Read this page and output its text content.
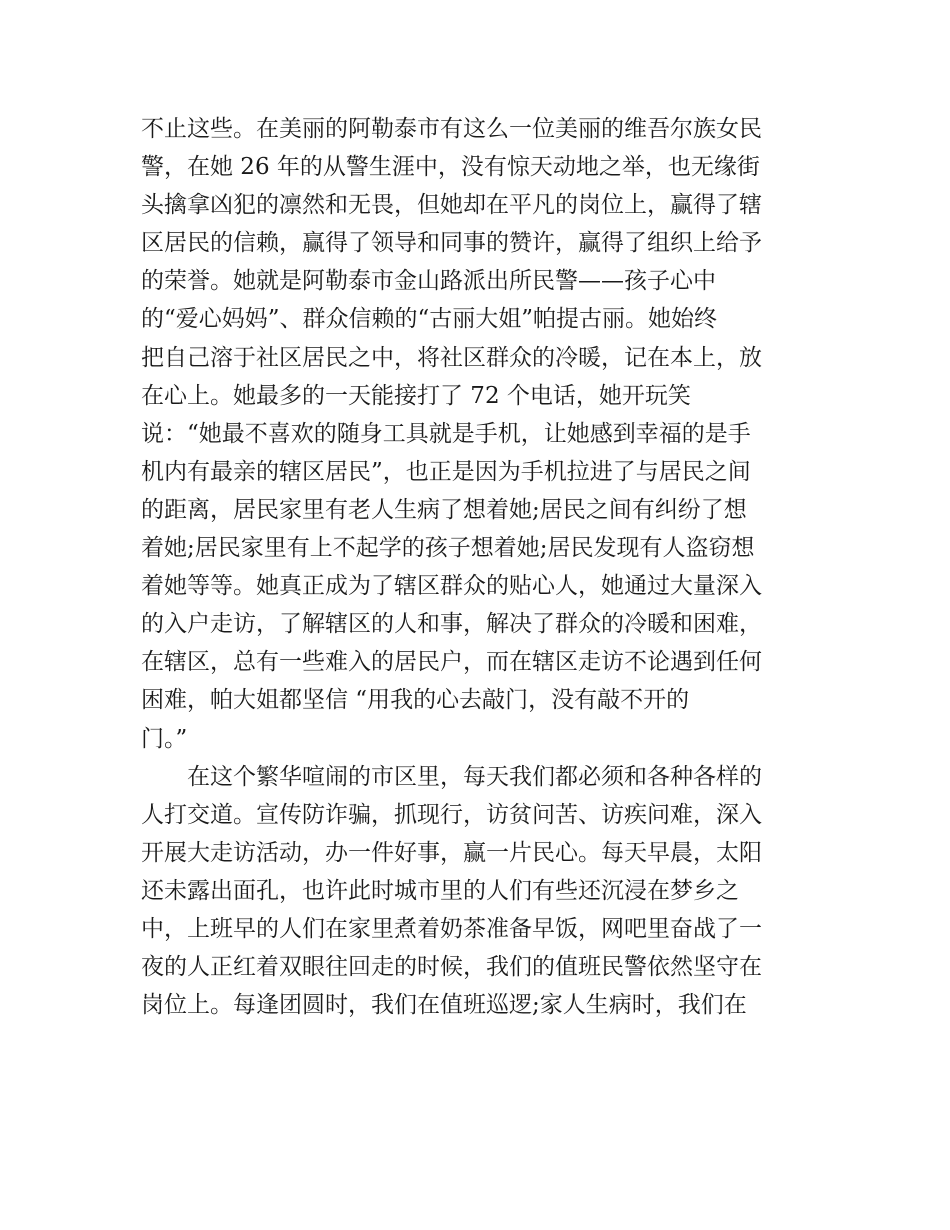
不止这些。在美丽的阿勒泰市有这么一位美丽的维吾尔族女民
警，在她 26 年的从警生涯中，没有惊天动地之举，也无缘街
头擒拿凶犯的凛然和无畏，但她却在平凡的岗位上，赢得了辖
区居民的信赖，赢得了领导和同事的赞许，赢得了组织上给予
的荣誉。她就是阿勒泰市金山路派出所民警——孩子心中
的“爱心妈妈”、群众信赖的“古丽大姐”帕提古丽。她始终
把自己溶于社区居民之中，将社区群众的冷暖，记在本上，放
在心上。她最多的一天能接打了 72 个电话，她开玩笑
说：“她最不喜欢的随身工具就是手机，让她感到幸福的是手
机内有最亲的辖区居民”，也正是因为手机拉进了与居民之间
的距离，居民家里有老人生病了想着她;居民之间有纠纷了想
着她;居民家里有上不起学的孩子想着她;居民发现有人盗窃想
着她等等。她真正成为了辖区群众的贴心人，她通过大量深入
的入户走访，了解辖区的人和事，解决了群众的冷暖和困难，
在辖区，总有一些难入的居民户，而在辖区走访不论遇到任何
困难，帕大姐都坚信 “用我的心去敲门，没有敲不开的
门。”
在这个繁华喧闹的市区里，每天我们都必须和各种各样的
人打交道。宣传防诈骗，抓现行，访贫问苦、访疾问难，深入
开展大走访活动，办一件好事，赢一片民心。每天早晨，太阳
还未露出面孔，也许此时城市里的人们有些还沉浸在梦乡之
中，上班早的人们在家里煮着奶茶准备早饭，网吧里奋战了一
夜的人正红着双眼往回走的时候，我们的值班民警依然坚守在
岗位上。每逢团圆时，我们在值班巡逻;家人生病时，我们在
